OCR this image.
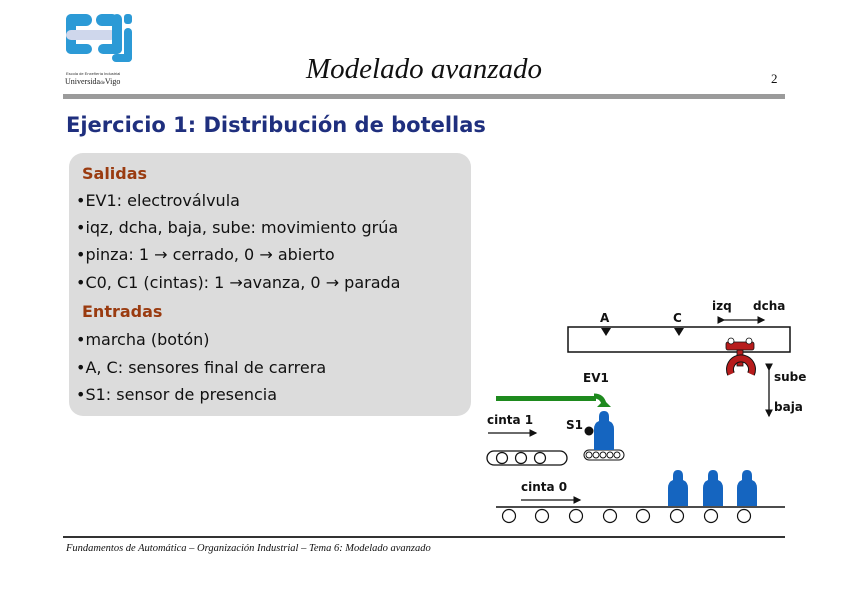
Escola de Enxeñería Industrial
UniversidadeVigo	Modelado avanzado	2
Ejercicio 1: Distribución de botellas
Salidas
•EV1: electroválvula
•iqz, dcha, baja, sube: movimiento grúa
•pinza: 1 → cerrado, 0 → abierto
•C0, C1 (cintas): 1 →avanza, 0 → parada
Entradas
•marcha (botón)
•A, C: sensores final de carrera
•S1: sensor de presencia
A	C
izq dcha
sube
baja
EV1
cinta 1	S1
cinta 0
Fundamentos de Automática – Organización Industrial – Tema 6: Modelado avanzado
